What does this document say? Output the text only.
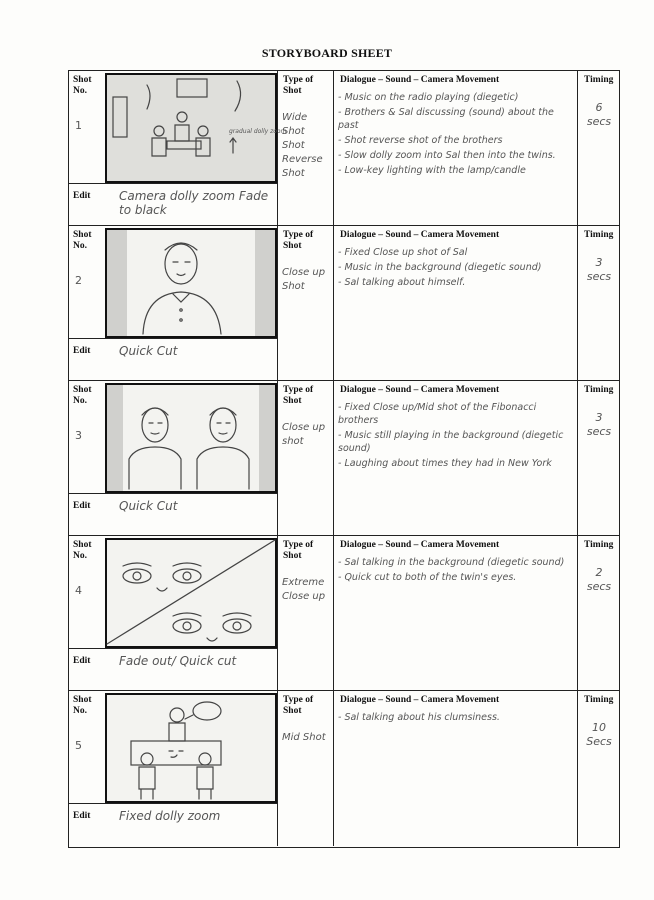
STORYBOARD SHEET
Shot No.
1	gradual dolly zoom
Edit Camera dolly zoom Fade to black
Type of Shot
Wide Shot Shot Reverse Shot
Dialogue – Sound – Camera Movement
- Music on the radio playing (diegetic)
- Brothers & Sal discussing (sound) about the past
- Shot reverse shot of the brothers
- Slow dolly zoom into Sal then into the twins.
- Low-key lighting with the lamp/candle
Timing
6 secs
Shot No.
2
Edit Quick Cut
Type of Shot
Close up Shot
Dialogue – Sound – Camera Movement
- Fixed Close up shot of Sal
- Music in the background (diegetic sound)
- Sal talking about himself.
Timing
3 secs
Shot No.
3
Edit Quick Cut
Type of Shot
Close up shot
Dialogue – Sound – Camera Movement
- Fixed Close up/Mid shot of the Fibonacci brothers
- Music still playing in the background (diegetic sound)
- Laughing about times they had in New York
Timing
3 secs
Shot No.
4
Edit Fade out/ Quick cut
Type of Shot
Extreme Close up
Dialogue – Sound – Camera Movement
- Sal talking in the background (diegetic sound)
- Quick cut to both of the twin's eyes.
Timing
2 secs
Shot No.
5
Edit Fixed dolly zoom
Type of Shot
Mid Shot
Dialogue – Sound – Camera Movement
- Sal talking about his clumsiness.
Timing
10 Secs
